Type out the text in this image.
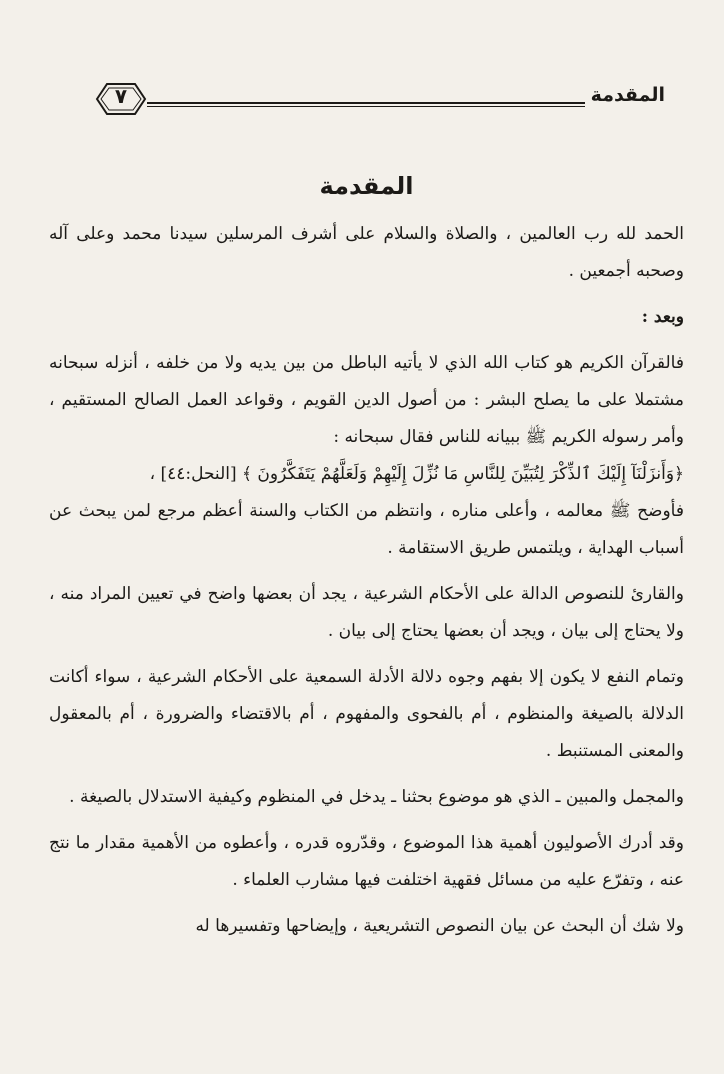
المقدمة
٧

المقدمة

الحمد لله رب العالمين ، والصلاة والسلام على أشرف المرسلين سيدنا محمد وعلى آله وصحبه أجمعين .

وبعد :

فالقرآن الكريم هو كتاب الله الذي لا يأتيه الباطل من بين يديه ولا من خلفه ، أنزله سبحانه مشتملا على ما يصلح البشر : من أصول الدين القويم ، وقواعد العمل الصالح المستقيم ، وأمر رسوله الكريم ﷺ ببيانه للناس فقال سبحانه :

﴿وَأَنزَلْنَآ إِلَيْكَ ٱلذِّكْرَ لِتُبَيِّنَ لِلنَّاسِ مَا نُزِّلَ إِلَيْهِمْ وَلَعَلَّهُمْ يَتَفَكَّرُونَ ﴾ [النحل:٤٤] ،

فأوضح ﷺ معالمه ، وأعلى مناره ، وانتظم من الكتاب والسنة أعظم مرجع لمن يبحث عن أسباب الهداية ، ويلتمس طريق الاستقامة .

والقارئ للنصوص الدالة على الأحكام الشرعية ، يجد أن بعضها واضح في تعيين المراد منه ، ولا يحتاج إلى بيان ، ويجد أن بعضها يحتاج إلى بيان .

وتمام النفع لا يكون إلا بفهم وجوه دلالة الأدلة السمعية على الأحكام الشرعية ، سواء أكانت الدلالة بالصيغة والمنظوم ، أم بالفحوى والمفهوم ، أم بالاقتضاء والضرورة ، أم بالمعقول والمعنى المستنبط .

والمجمل والمبين ـ الذي هو موضوع بحثنا ـ يدخل في المنظوم وكيفية الاستدلال بالصيغة .

وقد أدرك الأصوليون أهمية هذا الموضوع ، وقدّروه قدره ، وأعطوه من الأهمية مقدار ما نتج عنه ، وتفرّع عليه من مسائل فقهية اختلفت فيها مشارب العلماء .

ولا شك أن البحث عن بيان النصوص التشريعية ، وإيضاحها وتفسيرها له
